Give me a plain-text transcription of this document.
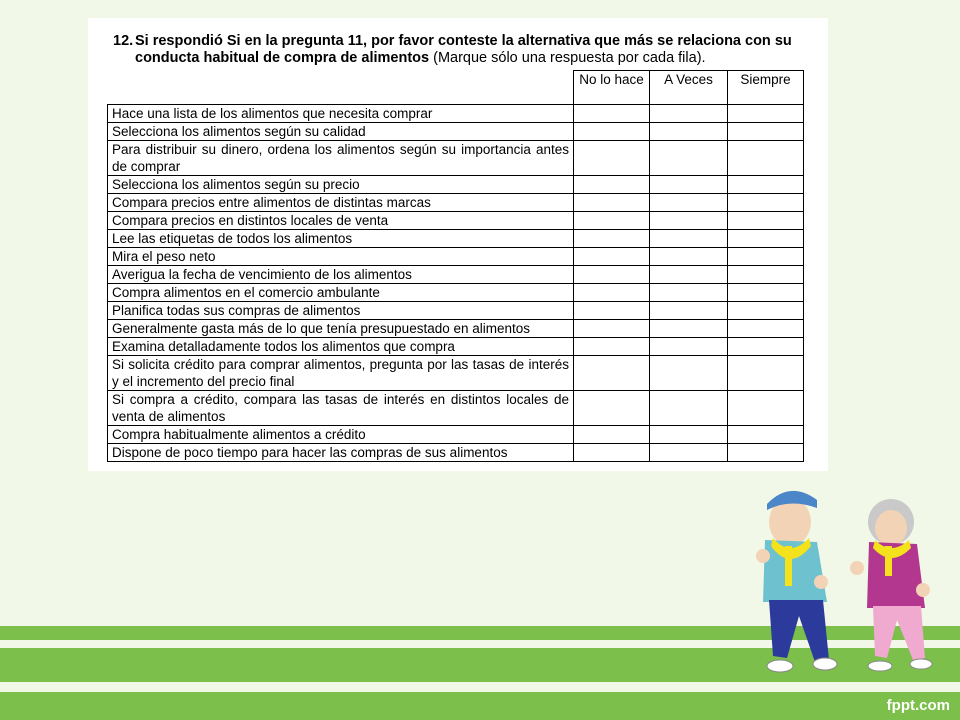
12. Si respondió Si en la pregunta 11, por favor conteste la alternativa que más se relaciona con su
conducta habitual de compra de alimentos (Marque sólo una respuesta por cada fila).
	No lo hace	A Veces	Siempre
Hace una lista de los alimentos que necesita comprar			
Selecciona los alimentos según su calidad			
Para distribuir su dinero, ordena los alimentos según su importancia antes de comprar			
Selecciona los alimentos según su precio			
Compara precios entre alimentos de distintas marcas			
Compara precios en distintos locales de venta			
Lee las etiquetas de todos los alimentos			
Mira el peso neto			
Averigua la fecha de vencimiento de los alimentos			
Compra alimentos en el comercio ambulante			
Planifica todas sus compras de alimentos			
Generalmente gasta más de lo que tenía presupuestado en alimentos			
Examina detalladamente todos los alimentos que compra			
Si solicita crédito para comprar alimentos, pregunta por las tasas de interés y el incremento del precio final			
Si compra a crédito, compara las tasas de interés en distintos locales de venta de alimentos			
Compra habitualmente alimentos a crédito			
Dispone de poco tiempo para hacer las compras de sus alimentos			
fppt.com
